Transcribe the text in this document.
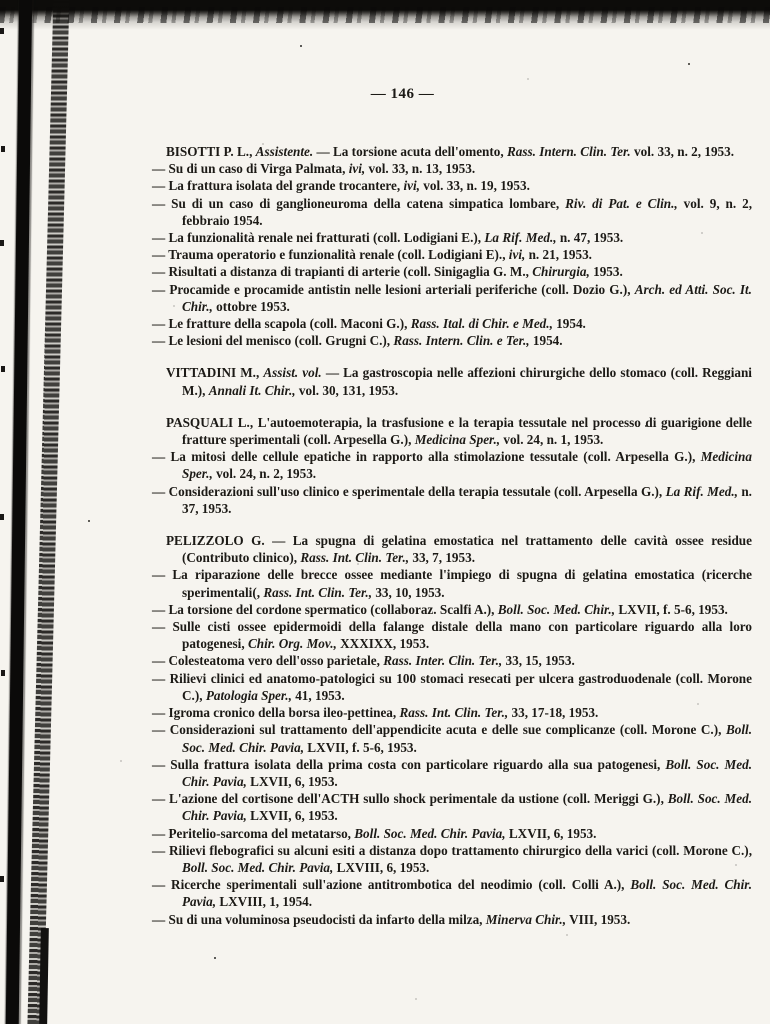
— 146 —

BISOTTI P. L., Assistente. — La torsione acuta dell'omento, Rass. Intern. Clin. Ter. vol. 33, n. 2, 1953.

— Su di un caso di Virga Palmata, ivi, vol. 33, n. 13, 1953.

— La frattura isolata del grande trocantere, ivi, vol. 33, n. 19, 1953.

— Su di un caso di ganglioneuroma della catena simpatica lombare, Riv. di Pat. e Clin., vol. 9, n. 2, febbraio 1954.

— La funzionalità renale nei fratturati (coll. Lodigiani E.), La Rif. Med., n. 47, 1953.

— Trauma operatorio e funzionalità renale (coll. Lodigiani E)., ivi, n. 21, 1953.

— Risultati a distanza di trapianti di arterie (coll. Sinigaglia G. M., Chirurgia, 1953.

— Procamide e procamide antistin nelle lesioni arteriali periferiche (coll. Dozio G.), Arch. ed Atti. Soc. It. Chir., ottobre 1953.

— Le fratture della scapola (coll. Maconi G.), Rass. Ital. di Chir. e Med., 1954.

— Le lesioni del menisco (coll. Grugni C.), Rass. Intern. Clin. e Ter., 1954.

VITTADINI M., Assist. vol. — La gastroscopia nelle affezioni chirurgiche dello stomaco (coll. Reggiani M.), Annali It. Chir., vol. 30, 131, 1953.

PASQUALI L., L'autoemoterapia, la trasfusione e la terapia tessutale nel processo di guarigione delle fratture sperimentali (coll. Arpesella G.), Medicina Sper., vol. 24, n. 1, 1953.

— La mitosi delle cellule epatiche in rapporto alla stimolazione tessutale (coll. Arpesella G.), Medicina Sper., vol. 24, n. 2, 1953.

— Considerazioni sull'uso clinico e sperimentale della terapia tessutale (coll. Arpesella G.), La Rif. Med., n. 37, 1953.

PELIZZOLO G. — La spugna di gelatina emostatica nel trattamento delle cavità ossee residue (Contributo clinico), Rass. Int. Clin. Ter., 33, 7, 1953.

— La riparazione delle brecce ossee mediante l'impiego di spugna di gelatina emostatica (ricerche sperimentali(, Rass. Int. Clin. Ter., 33, 10, 1953.

— La torsione del cordone spermatico (collaboraz. Scalfi A.), Boll. Soc. Med. Chir., LXVII, f. 5-6, 1953.

— Sulle cisti ossee epidermoidi della falange distale della mano con particolare riguardo alla loro patogenesi, Chir. Org. Mov., XXXIXX, 1953.

— Colesteatoma vero dell'osso parietale, Rass. Inter. Clin. Ter., 33, 15, 1953.

— Rilievi clinici ed anatomo-patologici su 100 stomaci resecati per ulcera gastroduodenale (coll. Morone C.), Patologia Sper., 41, 1953.

— Igroma cronico della borsa ileo-pettinea, Rass. Int. Clin. Ter., 33, 17-18, 1953.

— Considerazioni sul trattamento dell'appendicite acuta e delle sue complicanze (coll. Morone C.), Boll. Soc. Med. Chir. Pavia, LXVII, f. 5-6, 1953.

— Sulla frattura isolata della prima costa con particolare riguardo alla sua patogenesi, Boll. Soc. Med. Chir. Pavia, LXVII, 6, 1953.

— L'azione del cortisone dell'ACTH sullo shock perimentale da ustione (coll. Meriggi G.), Boll. Soc. Med. Chir. Pavia, LXVII, 6, 1953.

— Peritelio-sarcoma del metatarso, Boll. Soc. Med. Chir. Pavia, LXVII, 6, 1953.

— Rilievi flebografici su alcuni esiti a distanza dopo trattamento chirurgico della varici (coll. Morone C.), Boll. Soc. Med. Chir. Pavia, LXVIII, 6, 1953.

— Ricerche sperimentali sull'azione antitrombotica del neodimio (coll. Colli A.), Boll. Soc. Med. Chir. Pavia, LXVIII, 1, 1954.

— Su di una voluminosa pseudocisti da infarto della milza, Minerva Chir., VIII, 1953.
